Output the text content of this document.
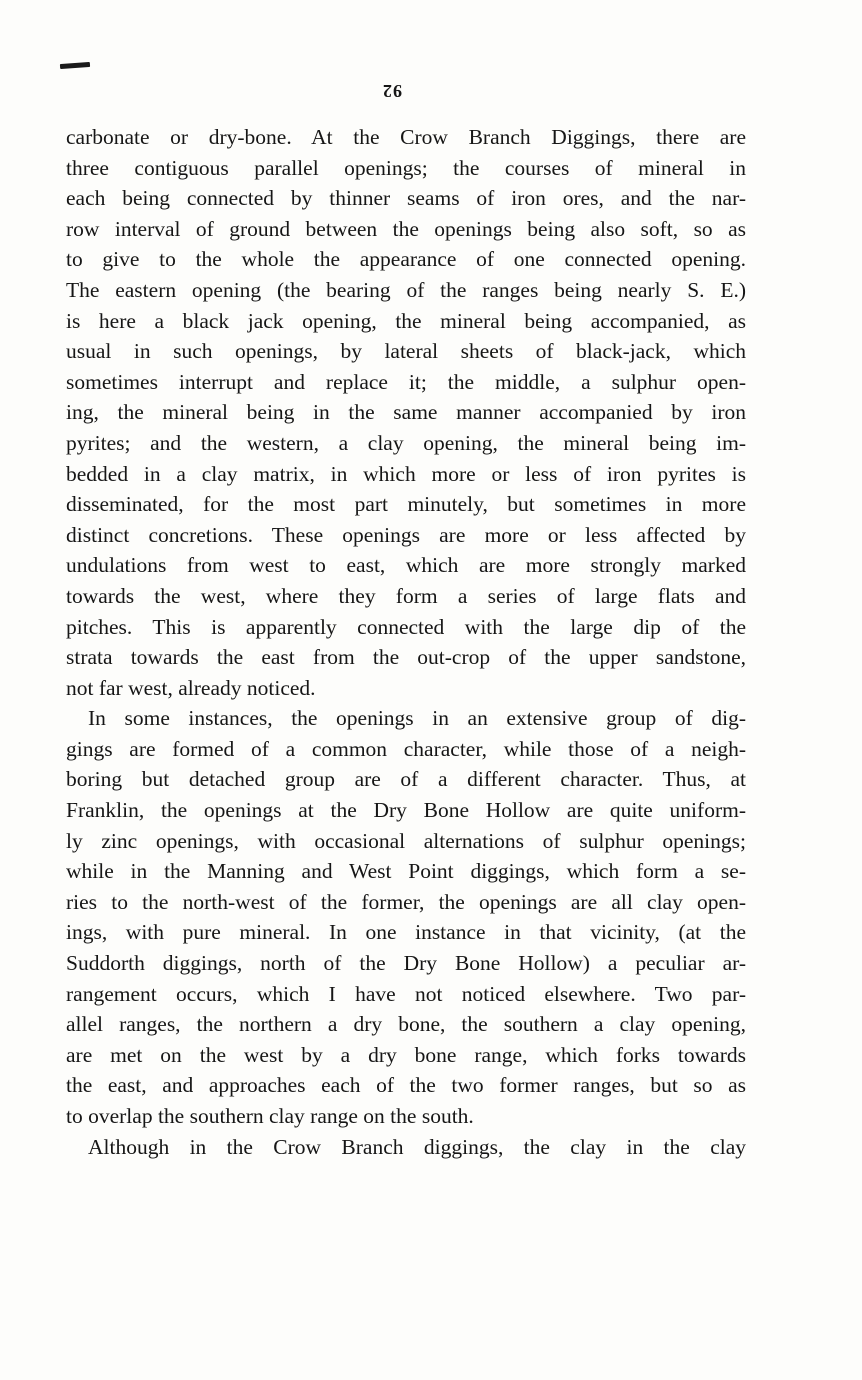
92
carbonate or dry-bone. At the Crow Branch Diggings, there are
three contiguous parallel openings; the courses of mineral in
each being connected by thinner seams of iron ores, and the nar-
row interval of ground between the openings being also soft, so as
to give to the whole the appearance of one connected opening.
The eastern opening (the bearing of the ranges being nearly S. E.)
is here a black jack opening, the mineral being accompanied, as
usual in such openings, by lateral sheets of black-jack, which
sometimes interrupt and replace it; the middle, a sulphur open-
ing, the mineral being in the same manner accompanied by iron
pyrites; and the western, a clay opening, the mineral being im-
bedded in a clay matrix, in which more or less of iron pyrites is
disseminated, for the most part minutely, but sometimes in more
distinct concretions. These openings are more or less affected by
undulations from west to east, which are more strongly marked
towards the west, where they form a series of large flats and
pitches. This is apparently connected with the large dip of the
strata towards the east from the out-crop of the upper sandstone,
not far west, already noticed.
In some instances, the openings in an extensive group of dig-
gings are formed of a common character, while those of a neigh-
boring but detached group are of a different character. Thus, at
Franklin, the openings at the Dry Bone Hollow are quite uniform-
ly zinc openings, with occasional alternations of sulphur openings;
while in the Manning and West Point diggings, which form a se-
ries to the north-west of the former, the openings are all clay open-
ings, with pure mineral. In one instance in that vicinity, (at the
Suddorth diggings, north of the Dry Bone Hollow) a peculiar ar-
rangement occurs, which I have not noticed elsewhere. Two par-
allel ranges, the northern a dry bone, the southern a clay opening,
are met on the west by a dry bone range, which forks towards
the east, and approaches each of the two former ranges, but so as
to overlap the southern clay range on the south.
Although in the Crow Branch diggings, the clay in the clay
